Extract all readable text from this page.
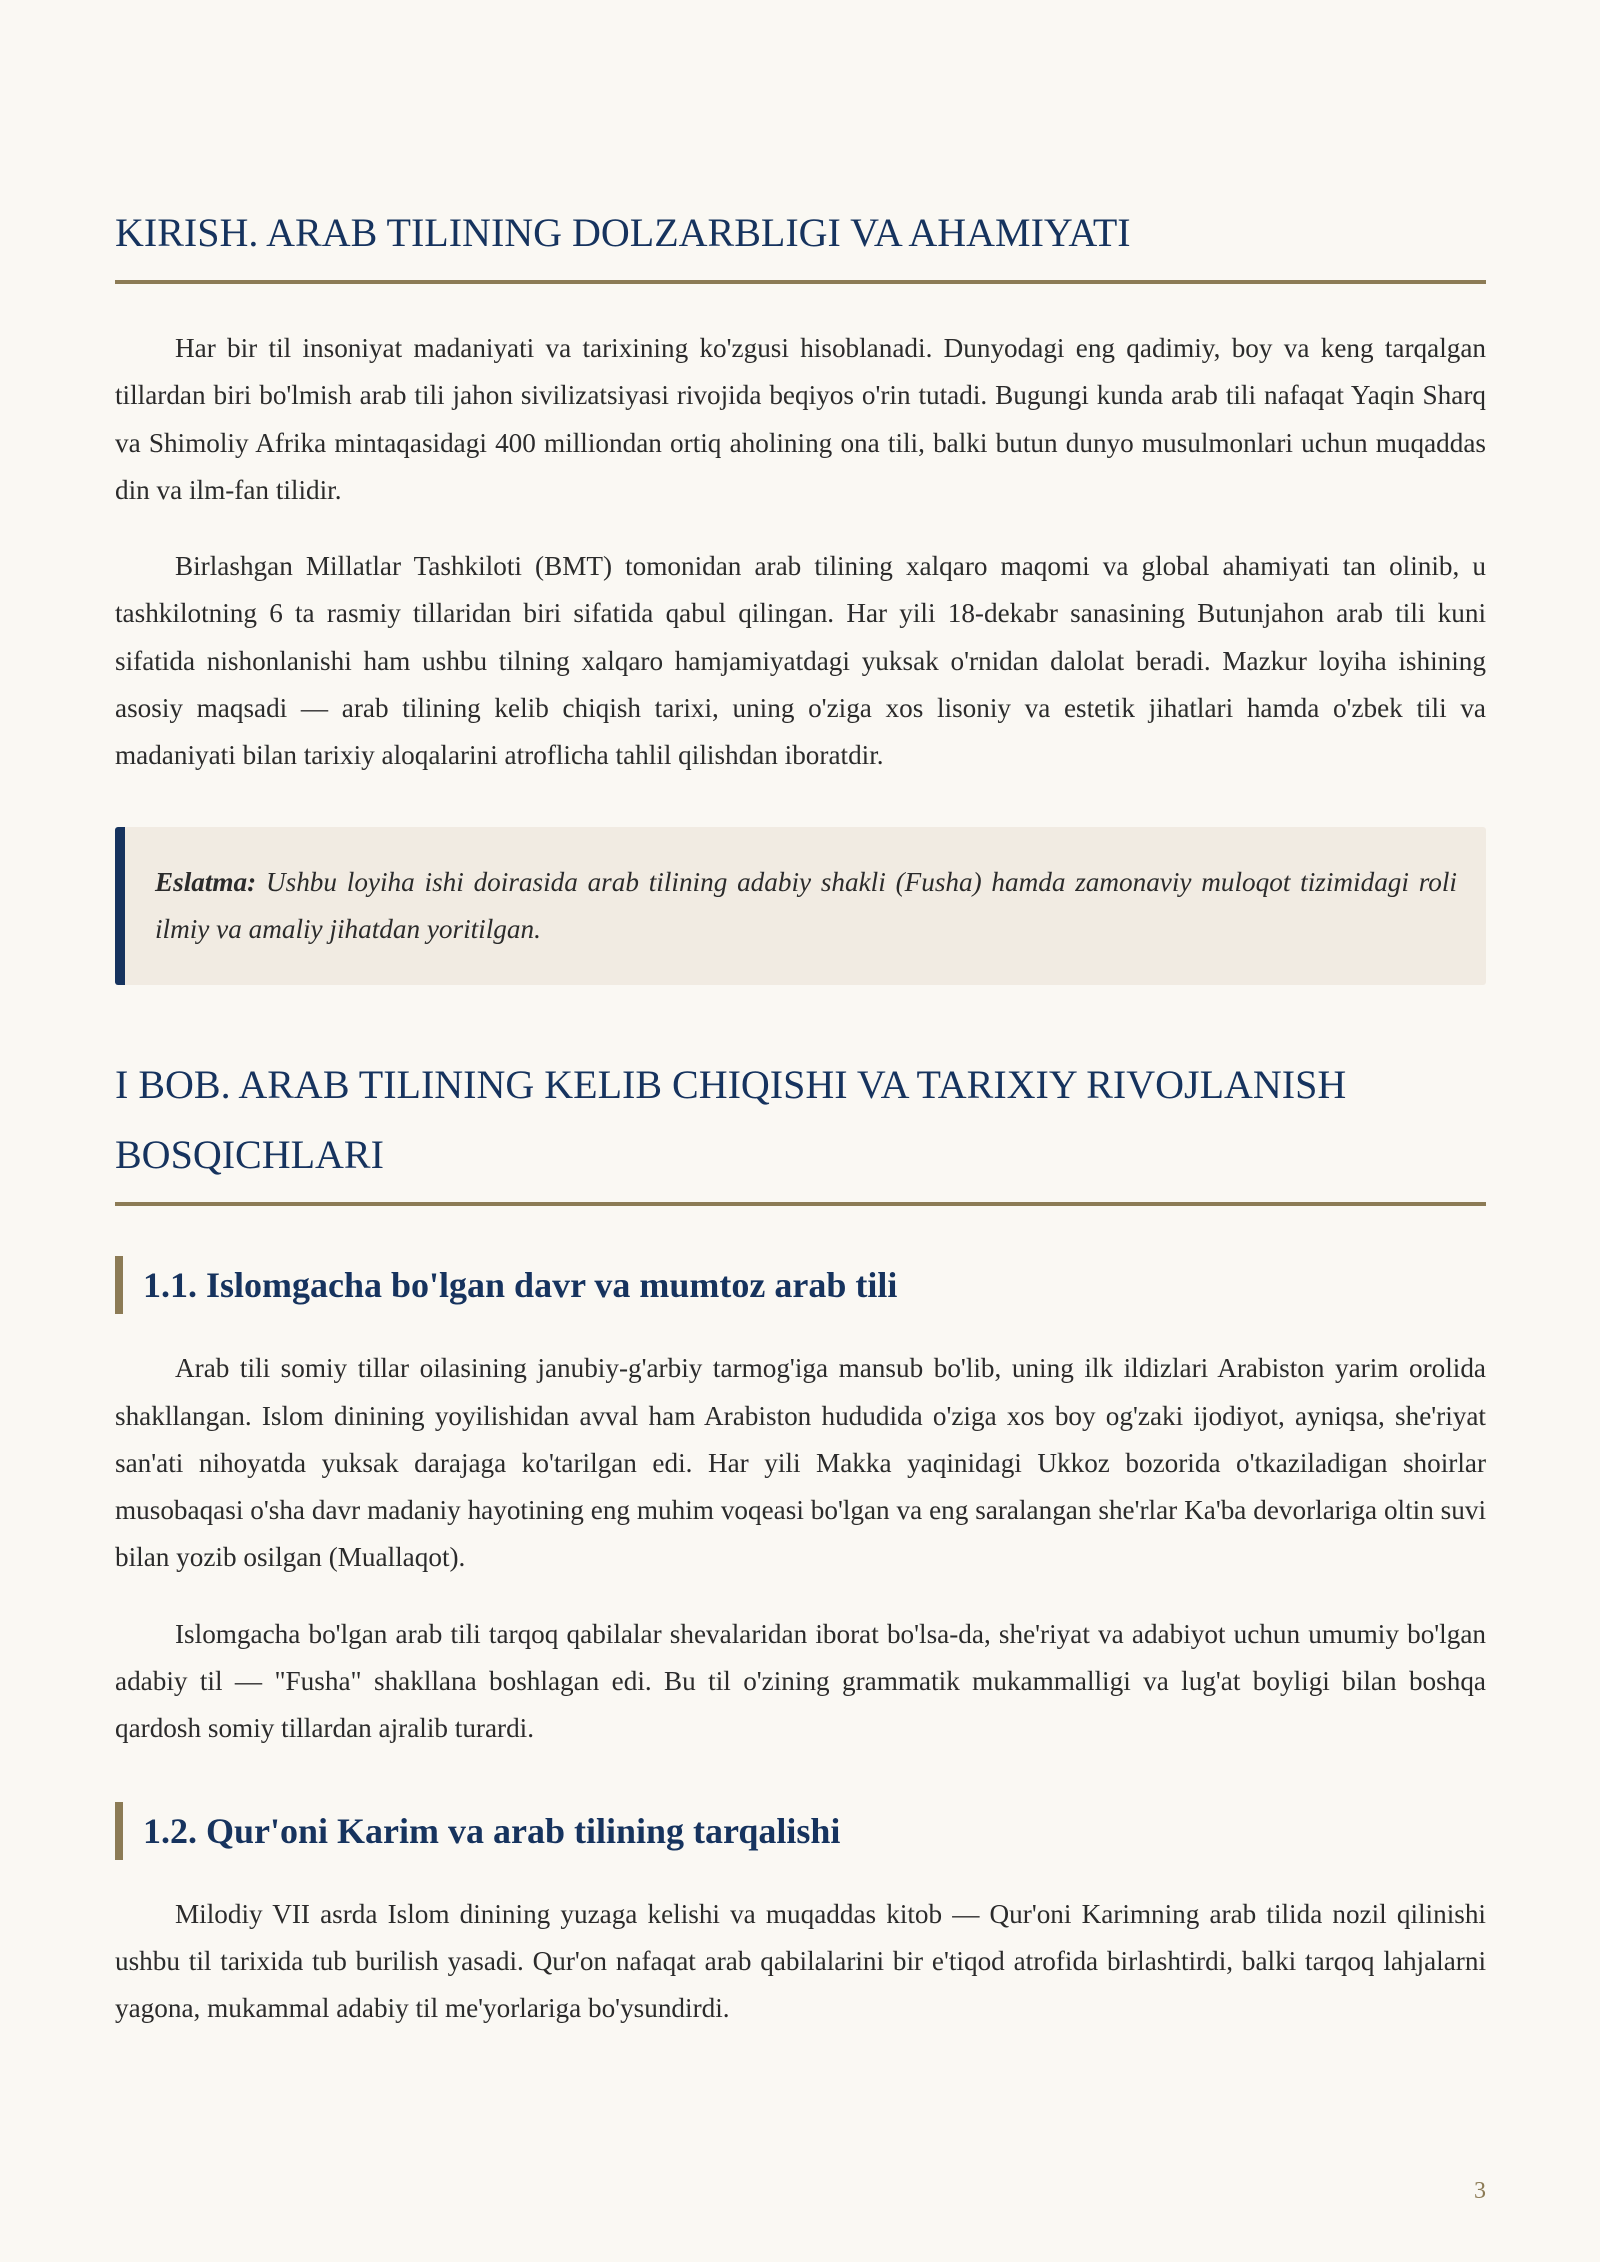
KIRISH. ARAB TILINING DOLZARBLIGI VA AHAMIYATI

Har bir til insoniyat madaniyati va tarixining ko'zgusi hisoblanadi. Dunyodagi eng qadimiy, boy va keng tarqalgan tillardan biri bo'lmish arab tili jahon sivilizatsiyasi rivojida beqiyos o'rin tutadi. Bugungi kunda arab tili nafaqat Yaqin Sharq va Shimoliy Afrika mintaqasidagi 400 milliondan ortiq aholining ona tili, balki butun dunyo musulmonlari uchun muqaddas din va ilm-fan tilidir.

Birlashgan Millatlar Tashkiloti (BMT) tomonidan arab tilining xalqaro maqomi va global ahamiyati tan olinib, u tashkilotning 6 ta rasmiy tillaridan biri sifatida qabul qilingan. Har yili 18-dekabr sanasining Butunjahon arab tili kuni sifatida nishonlanishi ham ushbu tilning xalqaro hamjamiyatdagi yuksak o'rnidan dalolat beradi. Mazkur loyiha ishining asosiy maqsadi — arab tilining kelib chiqish tarixi, uning o'ziga xos lisoniy va estetik jihatlari hamda o'zbek tili va madaniyati bilan tarixiy aloqalarini atroflicha tahlil qilishdan iboratdir.

Eslatma: Ushbu loyiha ishi doirasida arab tilining adabiy shakli (Fusha) hamda zamonaviy muloqot tizimidagi roli ilmiy va amaliy jihatdan yoritilgan.
I BOB. ARAB TILINING KELIB CHIQISHI VA TARIXIY RIVOJLANISH BOSQICHLARI
1.1. Islomgacha bo'lgan davr va mumtoz arab tili

Arab tili somiy tillar oilasining janubiy-g'arbiy tarmog'iga mansub bo'lib, uning ilk ildizlari Arabiston yarim orolida shakllangan. Islom dinining yoyilishidan avval ham Arabiston hududida o'ziga xos boy og'zaki ijodiyot, ayniqsa, she'riyat san'ati nihoyatda yuksak darajaga ko'tarilgan edi. Har yili Makka yaqinidagi Ukkoz bozorida o'tkaziladigan shoirlar musobaqasi o'sha davr madaniy hayotining eng muhim voqeasi bo'lgan va eng saralangan she'rlar Ka'ba devorlariga oltin suvi bilan yozib osilgan (Muallaqot).

Islomgacha bo'lgan arab tili tarqoq qabilalar shevalaridan iborat bo'lsa-da, she'riyat va adabiyot uchun umumiy bo'lgan adabiy til — "Fusha" shakllana boshlagan edi. Bu til o'zining grammatik mukammalligi va lug'at boyligi bilan boshqa qardosh somiy tillardan ajralib turardi.

1.2. Qur'oni Karim va arab tilining tarqalishi

Milodiy VII asrda Islom dinining yuzaga kelishi va muqaddas kitob — Qur'oni Karimning arab tilida nozil qilinishi ushbu til tarixida tub burilish yasadi. Qur'on nafaqat arab qabilalarini bir e'tiqod atrofida birlashtirdi, balki tarqoq lahjalarni yagona, mukammal adabiy til me'yorlariga bo'ysundirdi.

3
